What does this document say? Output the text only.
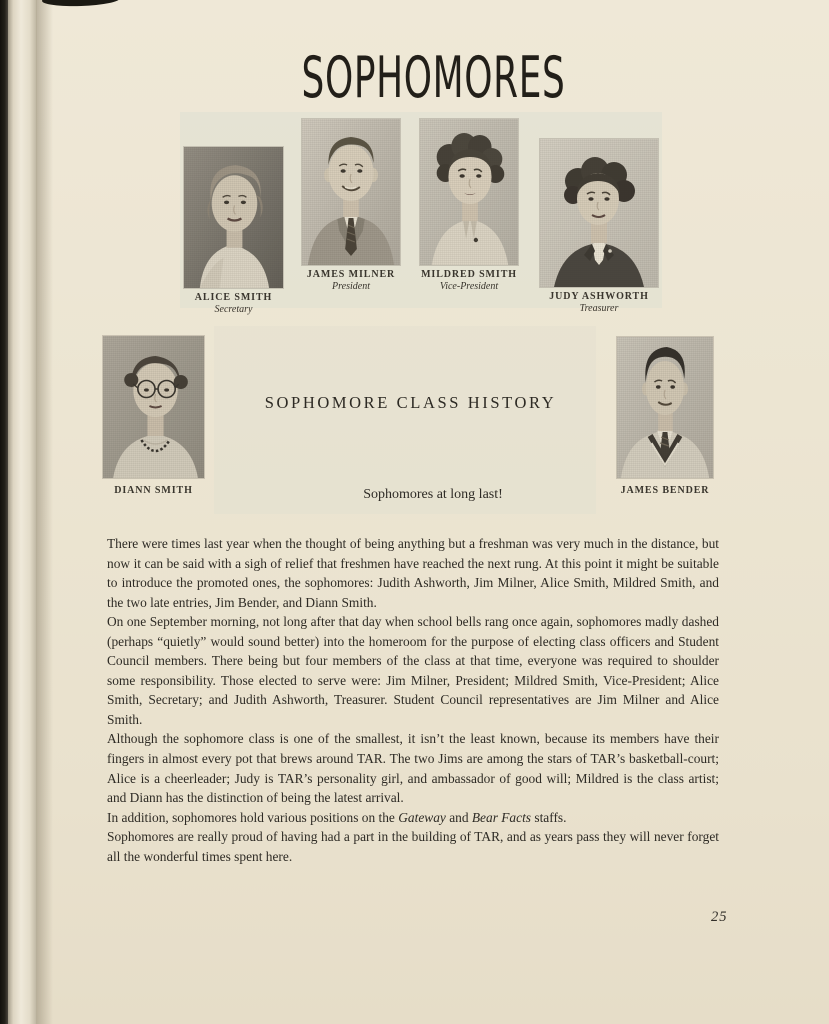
SOPHOMORES
ALICE SMITH
Secretary
JAMES MILNER
President
MILDRED SMITH
Vice-President
JUDY ASHWORTH
Treasurer
DIANN SMITH	JAMES BENDER
SOPHOMORE CLASS HISTORY
Sophomores at long last!

There were times last year when the thought of being anything but a freshman was very much in the distance, but now it can be said with a sigh of relief that freshmen have reached the next rung. At this point it might be suitable to introduce the promoted ones, the sophomores: Judith Ashworth, Jim Milner, Alice Smith, Mildred Smith, and the two late entries, Jim Bender, and Diann Smith.

On one September morning, not long after that day when school bells rang once again, sophomores madly dashed (perhaps “quietly” would sound better) into the homeroom for the purpose of electing class officers and Student Council members. There being but four members of the class at that time, everyone was required to shoulder some responsibility. Those elected to serve were: Jim Milner, President; Mildred Smith, Vice-President; Alice Smith, Secretary; and Judith Ashworth, Treasurer. Student Council representatives are Jim Milner and Alice Smith.

Although the sophomore class is one of the smallest, it isn’t the least known, because its members have their fingers in almost every pot that brews around TAR. The two Jims are among the stars of TAR’s basketball-court; Alice is a cheerleader; Judy is TAR’s personality girl, and ambassador of good will; Mildred is the class artist; and Diann has the distinction of being the latest arrival.

In addition, sophomores hold various positions on the Gateway and Bear Facts staffs.

Sophomores are really proud of having had a part in the building of TAR, and as years pass they will never forget all the wonderful times spent here.

25
